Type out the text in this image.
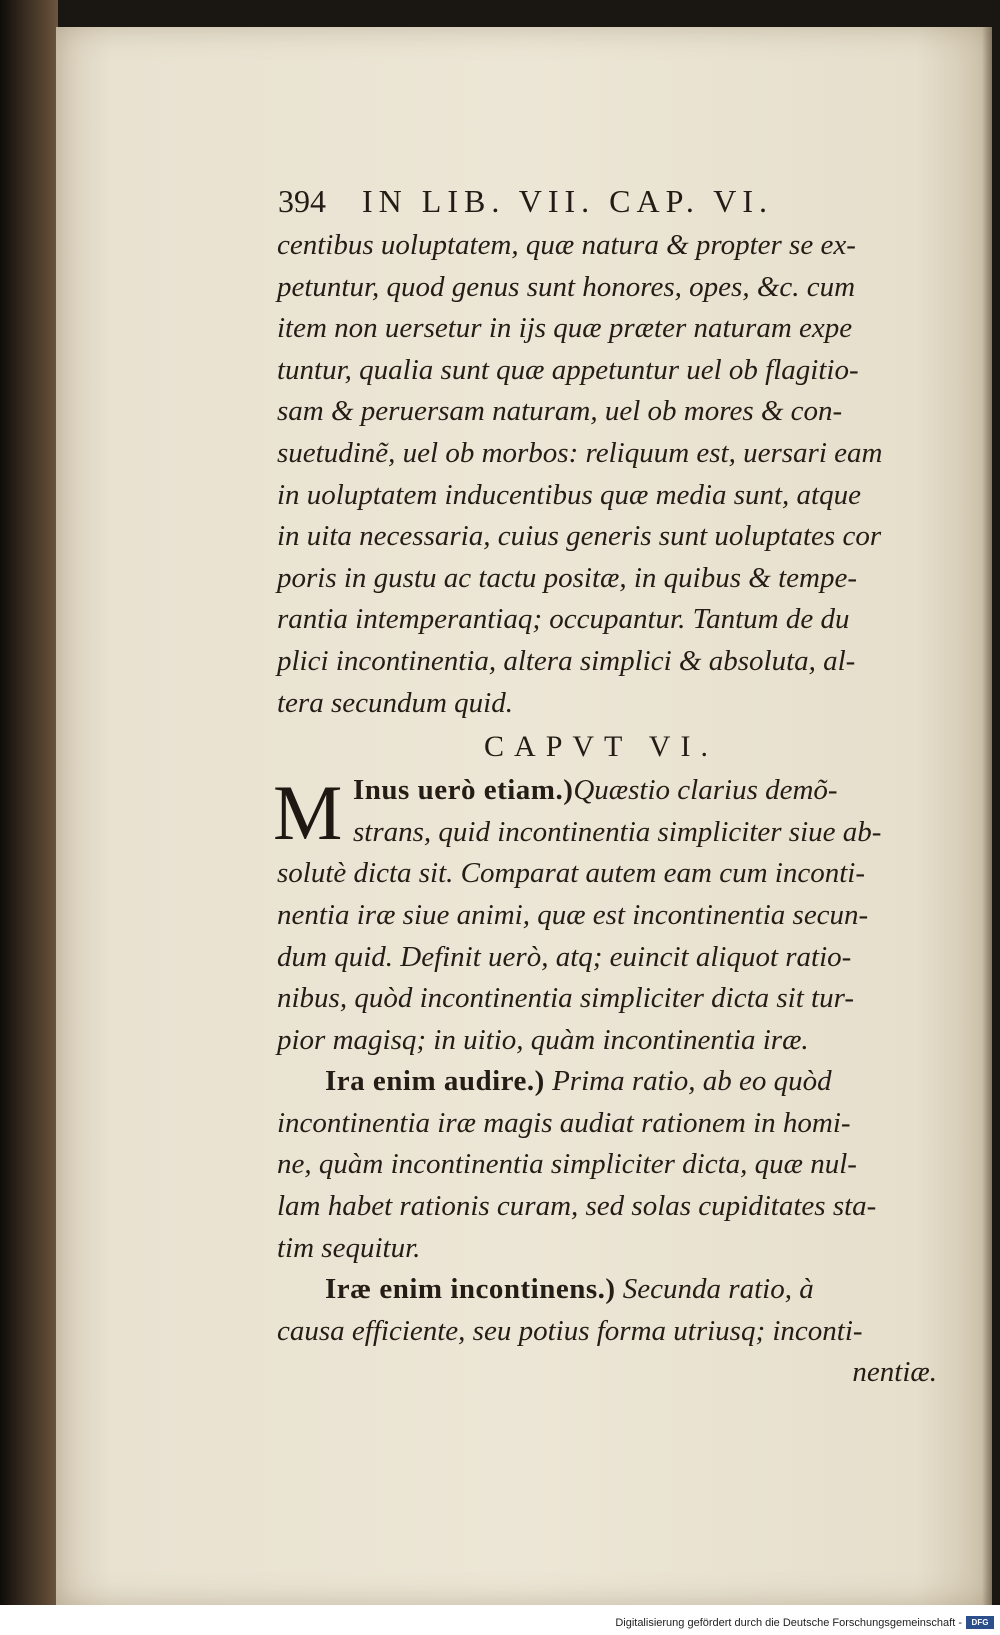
394 IN LIB. VII. CAP. VI.
centibus uoluptatem, quæ natura & propter se ex-
petuntur, quod genus sunt honores, opes, &c. cum
item non uersetur in ijs quæ præter naturam expe
tuntur, qualia sunt quæ appetuntur uel ob flagitio-
sam & peruersam naturam, uel ob mores & con-
suetudinẽ, uel ob morbos: reliquum est, uersari eam
in uoluptatem inducentibus quæ media sunt, atque
in uita necessaria, cuius generis sunt uoluptates cor
poris in gustu ac tactu positæ, in quibus & tempe-
rantia intemperantiaq; occupantur. Tantum de du
plici incontinentia, altera simplici & absoluta, al-
tera secundum quid.
CAPVT VI.
M Inus uerò etiam.)Quæstio clarius demõ-
strans, quid incontinentia simpliciter siue ab-
solutè dicta sit. Comparat autem eam cum inconti-
nentia iræ siue animi, quæ est incontinentia secun-
dum quid. Definit uerò, atq; euincit aliquot ratio-
nibus, quòd incontinentia simpliciter dicta sit tur-
pior magisq; in uitio, quàm incontinentia iræ.
Ira enim audire.) Prima ratio, ab eo quòd
incontinentia iræ magis audiat rationem in homi-
ne, quàm incontinentia simpliciter dicta, quæ nul-
lam habet rationis curam, sed solas cupiditates sta-
tim sequitur.
Iræ enim incontinens.) Secunda ratio, à
causa efficiente, seu potius forma utriusq; inconti-
nentiæ.
Digitalisierung gefördert durch die Deutsche Forschungsgemeinschaft -	DFG
